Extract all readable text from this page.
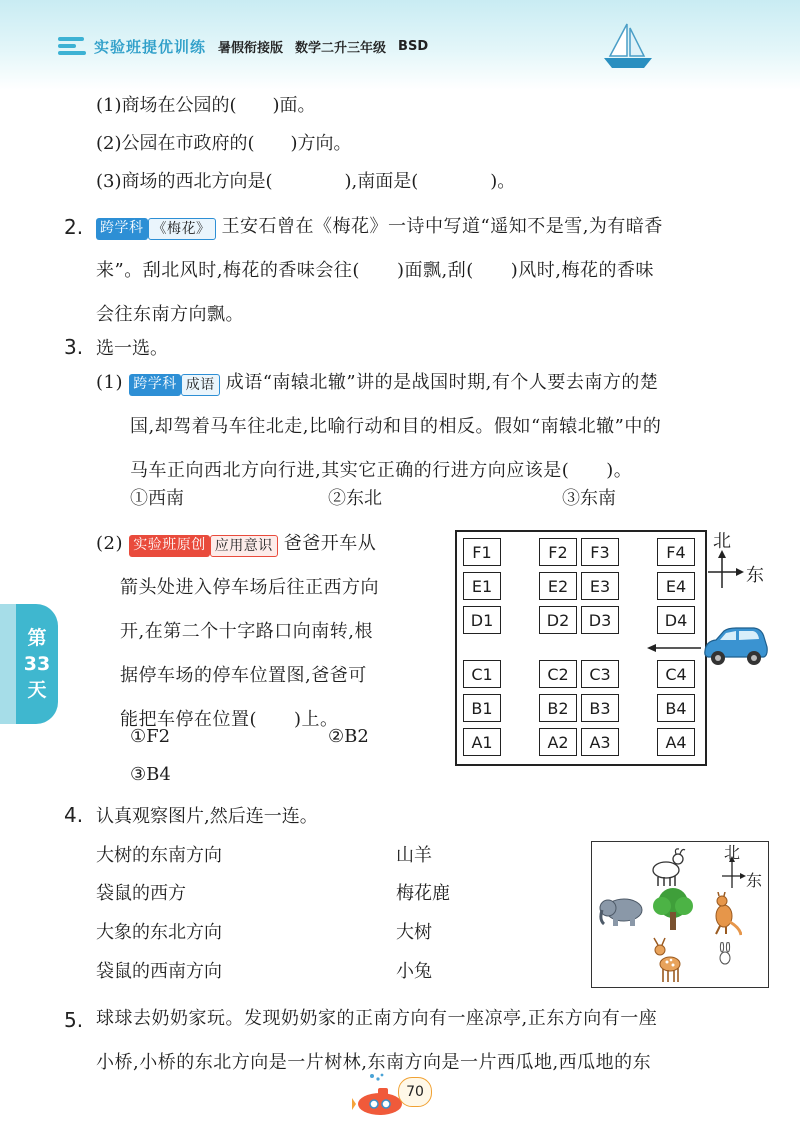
实验班提优训练 暑假衔接版 数学二升三年级 BSD
(1)商场在公园的(　　)面。
(2)公园在市政府的(　　)方向。
(3)商场的西北方向是(　　　　),南面是(　　　　)。
2. 跨学科 《梅花》 王安石曾在《梅花》一诗中写道“遥知不是雪,为有暗香
来”。刮北风时,梅花的香味会往(　　)面飘,刮(　　)风时,梅花的香味
会往东南方向飘。
3. 选一选。
(1) 跨学科 成语 成语“南辕北辙”讲的是战国时期,有个人要去南方的楚
国,却驾着马车往北走,比喻行动和目的相反。假如“南辕北辙”中的
马车正向西北方向行进,其实它正确的行进方向应该是(　　)。
①西南	②东北	③东南
(2) 实验班原创 应用意识 爸爸开车从
箭头处进入停车场后往正西方向
开,在第二个十字路口向南转,根
据停车场的停车位置图,爸爸可
能把车停在位置(　　)上。
①F2	②B2
③B4
第
33
天
F1	F2	F3	F4
E1	E2	E3	E4
D1	D2	D3	D4
C1	C2	C3	C4
B1	B2	B3	B4
A1	A2	A3	A4
北
东
4. 认真观察图片,然后连一连。
大树的东南方向
袋鼠的西方
大象的东北方向
袋鼠的西南方向
山羊
梅花鹿
大树
小兔
北
东
5. 球球去奶奶家玩。发现奶奶家的正南方向有一座凉亭,正东方向有一座
小桥,小桥的东北方向是一片树林,东南方向是一片西瓜地,西瓜地的东
70
